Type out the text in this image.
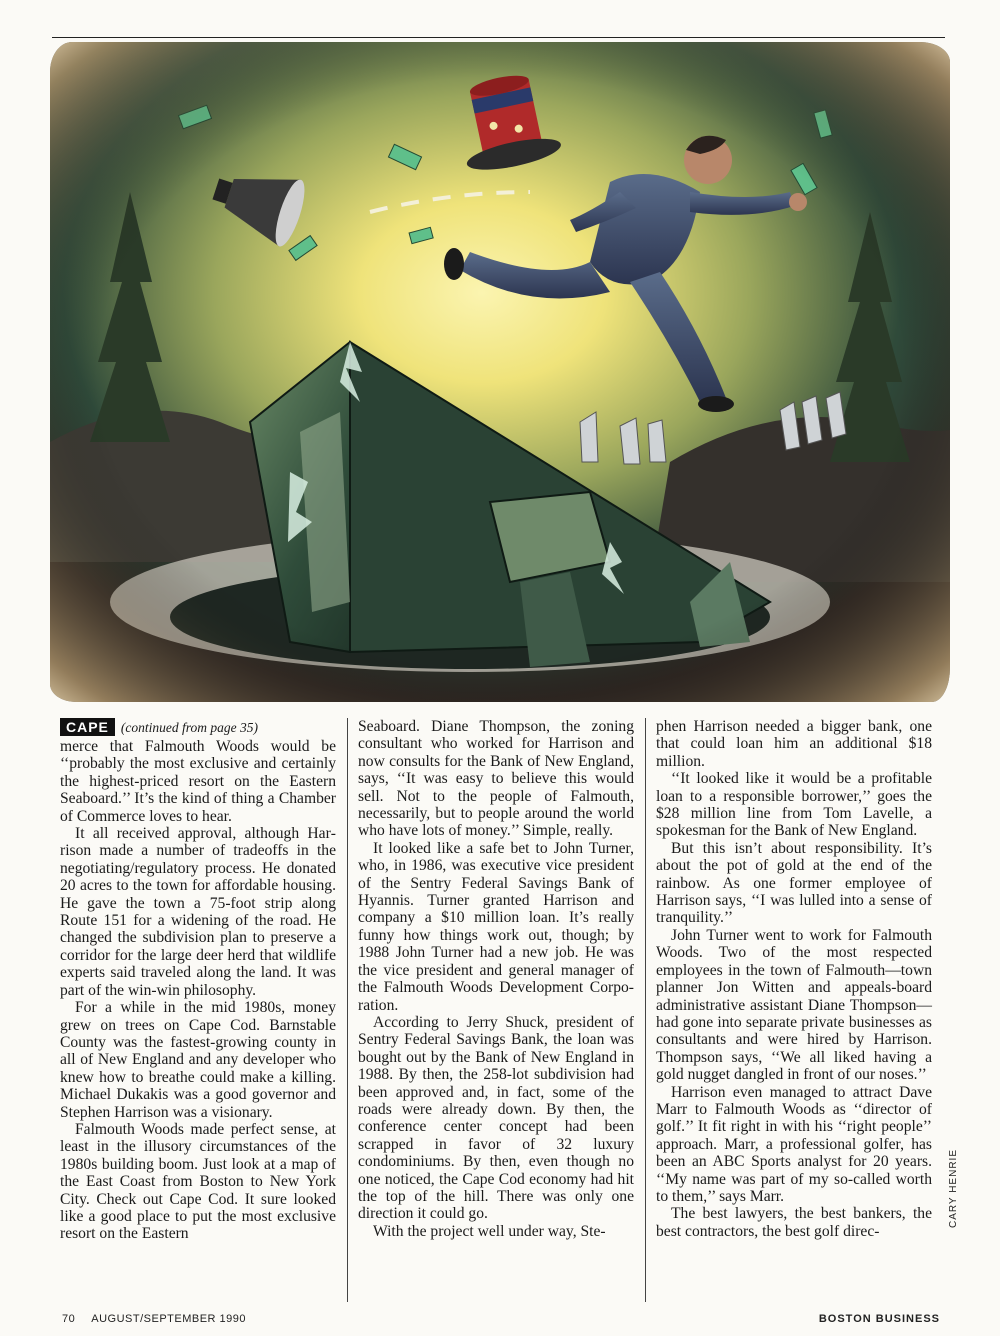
CARY HENRIE
CAPE (continued from page 35)

merce that Falmouth Woods would be ‘‘probably the most exclusive and certainly the highest-priced resort on the Eastern Seaboard.’’ It’s the kind of thing a Chamber of Commerce loves to hear.

It all received approval, although Harrison made a number of tradeoffs in the negotiating/regulatory process. He donated 20 acres to the town for affordable housing. He gave the town a 75-foot strip along Route 151 for a widening of the road. He changed the subdivision plan to preserve a corridor for the large deer herd that wildlife experts said traveled along the land. It was part of the win-win philosophy.

For a while in the mid 1980s, money grew on trees on Cape Cod. Barnstable County was the fastest-growing county in all of New England and any developer who knew how to breathe could make a killing. Michael Dukakis was a good governor and Stephen Harrison was a visionary.

Falmouth Woods made perfect sense, at least in the illusory circumstances of the 1980s building boom. Just look at a map of the East Coast from Boston to New York City. Check out Cape Cod. It sure looked like a good place to put the most exclusive resort on the Eastern

Seaboard. Diane Thompson, the zoning consultant who worked for Harrison and now consults for the Bank of New England, says, ‘‘It was easy to believe this would sell. Not to the people of Falmouth, necessarily, but to people around the world who have lots of money.’’ Simple, really.

It looked like a safe bet to John Turner, who, in 1986, was executive vice president of the Sentry Federal Savings Bank of Hyannis. Turner granted Harrison and company a $10 million loan. It’s really funny how things work out, though; by 1988 John Turner had a new job. He was the vice president and general manager of the Falmouth Woods Development Corporation.

According to Jerry Shuck, president of Sentry Federal Savings Bank, the loan was bought out by the Bank of New England in 1988. By then, the 258-lot subdivision had been approved and, in fact, some of the roads were already down. By then, the conference center concept had been scrapped in favor of 32 luxury condominiums. By then, even though no one noticed, the Cape Cod economy had hit the top of the hill. There was only one direction it could go.

With the project well under way, Ste-

phen Harrison needed a bigger bank, one that could loan him an additional $18 million.

‘‘It looked like it would be a profitable loan to a responsible borrower,’’ goes the $28 million line from Tom Lavelle, a spokesman for the Bank of New England.

But this isn’t about responsibility. It’s about the pot of gold at the end of the rainbow. As one former employee of Harrison says, ‘‘I was lulled into a sense of tranquility.’’

John Turner went to work for Falmouth Woods. Two of the most respected employees in the town of Falmouth—town planner Jon Witten and appeals-board administrative assistant Diane Thompson—had gone into separate private businesses as consultants and were hired by Harrison. Thompson says, ‘‘We all liked having a gold nugget dangled in front of our noses.’’

Harrison even managed to attract Dave Marr to Falmouth Woods as ‘‘director of golf.’’ It fit right in with his ‘‘right people’’ approach. Marr, a professional golfer, has been an ABC Sports analyst for 20 years. ‘‘My name was part of my so-called worth to them,’’ says Marr.

The best lawyers, the best bankers, the best contractors, the best golf direc-

70 AUGUST/SEPTEMBER 1990	BOSTON BUSINESS
